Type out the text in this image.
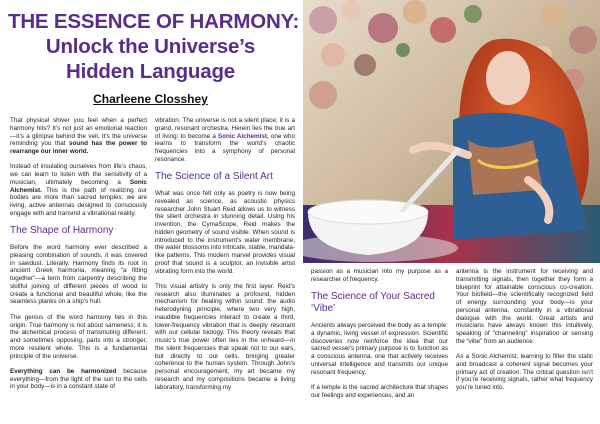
THE ESSENCE OF HARMONY:
Unlock the Universe’s
Hidden Language
Charleene Closshey

That physical shiver you feel when a perfect harmony hits? It’s not just an emotional reaction—it’s a glimpse behind the veil. It’s the universe reminding you that sound has the power to rearrange our inner world.

Instead of insulating ourselves from life’s chaos, we can learn to listen with the sensitivity of a musician, ultimately becoming a Sonic Alchemist. This is the path of realizing our bodies are more than sacred temples: we are living, active antennas designed to consciously engage with and transmit a vibrational reality.

The Shape of Harmony

Before the word harmony ever described a pleasing combination of sounds, it was covered in sawdust. Literally. Harmony finds its root in ancient Greek harmonia, meaning “a fitting together”—a term from carpentry describing the skillful joining of different pieces of wood to create a functional and beautiful whole, like the seamless planks on a ship’s hull.

The genius of the word harmony lies in this origin. True harmony is not about sameness; it is the alchemical process of transmuting different, and sometimes opposing, parts into a stronger, more resilient whole. This is a fundamental principle of the universe.

Everything can be harmonized because everything—from the light of the sun to the cells in your body—is in a constant state of

vibration. The universe is not a silent place; it is a grand, resonant orchestra. Herein lies the true art of living: to become a Sonic Alchemist, one who learns to transform the world’s chaotic frequencies into a symphony of personal resonance.

The Science of a Silent Art

What was once felt only as poetry is now being revealed as science, as acoustic physics researcher John Stuart Reid allows us to witness the silent orchestra in stunning detail. Using his invention, the CymaScope, Reid makes the hidden geometry of sound visible. When sound is introduced to the instrument’s water membrane, the water blossoms into intricate, stable, mandala-like patterns. This modern marvel provides visual proof that sound is a sculptor, an invisible artist vibrating form into the world.

This visual artistry is only the first layer. Reid’s research also illuminates a profound, hidden mechanism for healing within sound: the audio heterodyning principle, where two very high, inaudible frequencies interact to create a third, lower-frequency vibration that is deeply resonant with our cellular biology. This theory reveals that music’s true power often lies in the unheard—in the silent frequencies that speak not to our ears, but directly to our cells, bringing greater coherence to the human system. Through John’s personal encouragement, my art became my research and my compositions became a living laboratory, transforming my

passion as a musician into my purpose as a researcher of frequency.

The Science of Your Sacred ‘Vibe’

Ancients always perceived the body as a temple: a dynamic, living vessel of expression. Scientific discoveries now reinforce the idea that our sacred vessel’s primary purpose is to function as a conscious antenna, one that actively receives universal intelligence and transmits our unique resonant frequency.

If a temple is the sacred architecture that shapes our feelings and experiences, and an

antenna is the instrument for receiving and transmitting signals, then together they form a blueprint for attainable conscious co-creation. Your biofield—the scientifically recognized field of energy surrounding your body—is your personal antenna, constantly in a vibrational dialogue with the world. Great artists and musicians have always known this intuitively, speaking of “channeling” inspiration or sensing the “vibe” from an audience.

As a Sonic Alchemist, learning to filter the static and broadcast a coherent signal becomes your primary act of creation. The critical question isn’t if you’re receiving signals, rather what frequency you’re tuned into.
